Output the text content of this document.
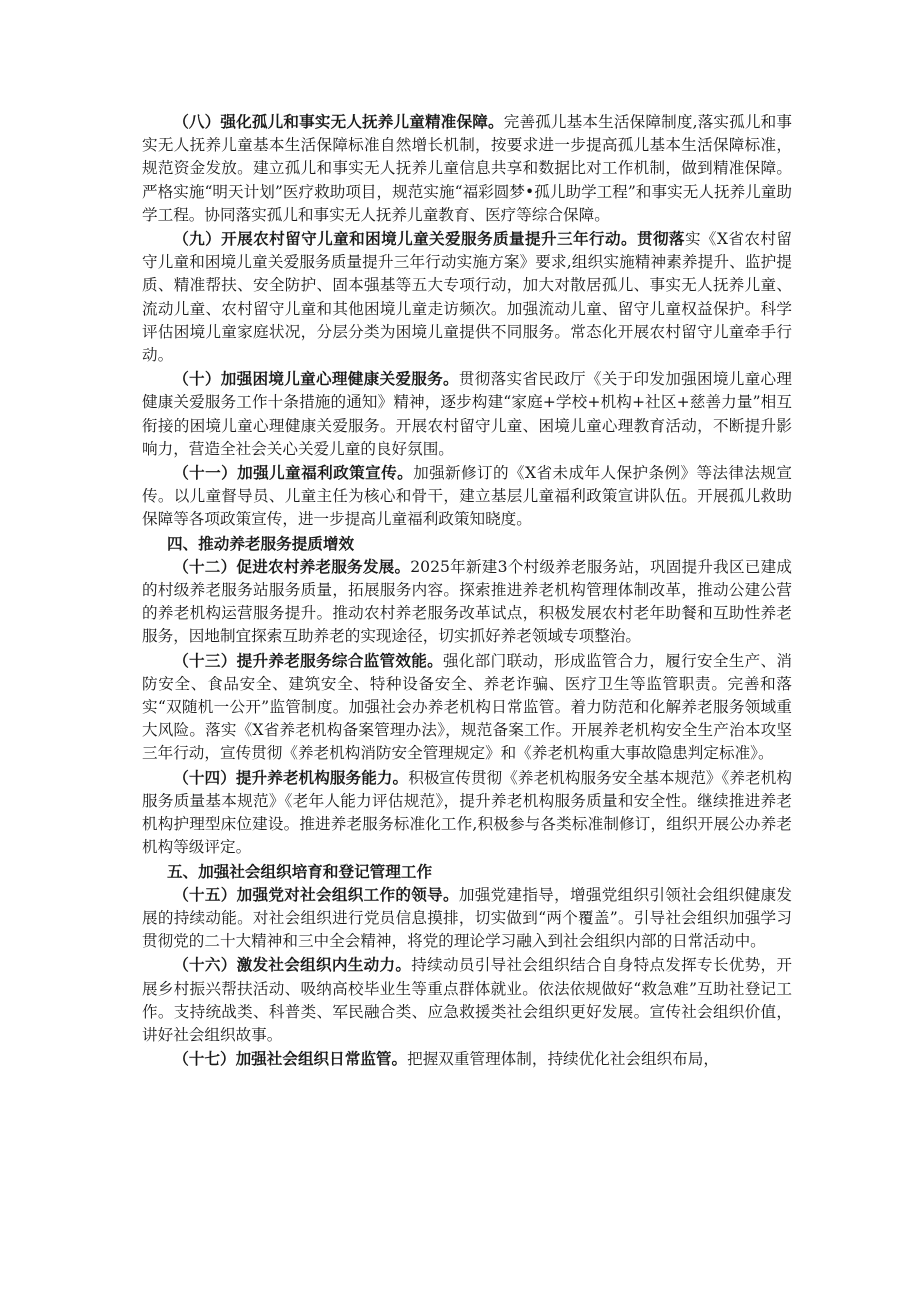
（八）强化孤儿和事实无人抚养儿童精准保障。完善孤儿基本生活保障制度,落实孤儿和事实无人抚养儿童基本生活保障标准自然增长机制，按要求进一步提高孤儿基本生活保障标准，规范资金发放。建立孤儿和事实无人抚养儿童信息共享和数据比对工作机制，做到精准保障。严格实施“明天计划”医疗救助项目，规范实施“福彩圆梦•孤儿助学工程”和事实无人抚养儿童助学工程。协同落实孤儿和事实无人抚养儿童教育、医疗等综合保障。

（九）开展农村留守儿童和困境儿童关爱服务质量提升三年行动。贯彻落实《X省农村留守儿童和困境儿童关爱服务质量提升三年行动实施方案》要求,组织实施精神素养提升、监护提质、精准帮扶、安全防护、固本强基等五大专项行动，加大对散居孤儿、事实无人抚养儿童、流动儿童、农村留守儿童和其他困境儿童走访频次。加强流动儿童、留守儿童权益保护。科学评估困境儿童家庭状况，分层分类为困境儿童提供不同服务。常态化开展农村留守儿童牵手行动。

（十）加强困境儿童心理健康关爱服务。贯彻落实省民政厅《关于印发加强困境儿童心理健康关爱服务工作十条措施的通知》精神，逐步构建“家庭+学校+机构+社区+慈善力量”相互衔接的困境儿童心理健康关爱服务。开展农村留守儿童、困境儿童心理教育活动，不断提升影响力，营造全社会关心关爱儿童的良好氛围。

（十一）加强儿童福利政策宣传。加强新修订的《X省未成年人保护条例》等法律法规宣传。以儿童督导员、儿童主任为核心和骨干，建立基层儿童福利政策宣讲队伍。开展孤儿救助保障等各项政策宣传，进一步提高儿童福利政策知晓度。

四、推动养老服务提质增效

（十二）促进农村养老服务发展。2025年新建3个村级养老服务站，巩固提升我区已建成的村级养老服务站服务质量，拓展服务内容。探索推进养老机构管理体制改革，推动公建公营的养老机构运营服务提升。推动农村养老服务改革试点，积极发展农村老年助餐和互助性养老服务，因地制宜探索互助养老的实现途径，切实抓好养老领域专项整治。

（十三）提升养老服务综合监管效能。强化部门联动，形成监管合力，履行安全生产、消防安全、食品安全、建筑安全、特种设备安全、养老诈骗、医疗卫生等监管职责。完善和落实“双随机一公开”监管制度。加强社会办养老机构日常监管。着力防范和化解养老服务领域重大风险。落实《X省养老机构备案管理办法》，规范备案工作。开展养老机构安全生产治本攻坚三年行动，宣传贯彻《养老机构消防安全管理规定》和《养老机构重大事故隐患判定标准》。

（十四）提升养老机构服务能力。积极宣传贯彻《养老机构服务安全基本规范》《养老机构服务质量基本规范》《老年人能力评估规范》，提升养老机构服务质量和安全性。继续推进养老机构护理型床位建设。推进养老服务标准化工作,积极参与各类标准制修订，组织开展公办养老机构等级评定。

五、加强社会组织培育和登记管理工作

（十五）加强党对社会组织工作的领导。加强党建指导，增强党组织引领社会组织健康发展的持续动能。对社会组织进行党员信息摸排，切实做到“两个覆盖”。引导社会组织加强学习贯彻党的二十大精神和三中全会精神，将党的理论学习融入到社会组织内部的日常活动中。

（十六）激发社会组织内生动力。持续动员引导社会组织结合自身特点发挥专长优势，开展乡村振兴帮扶活动、吸纳高校毕业生等重点群体就业。依法依规做好“救急难”互助社登记工作。支持统战类、科普类、军民融合类、应急救援类社会组织更好发展。宣传社会组织价值，讲好社会组织故事。

（十七）加强社会组织日常监管。把握双重管理体制，持续优化社会组织布局，
